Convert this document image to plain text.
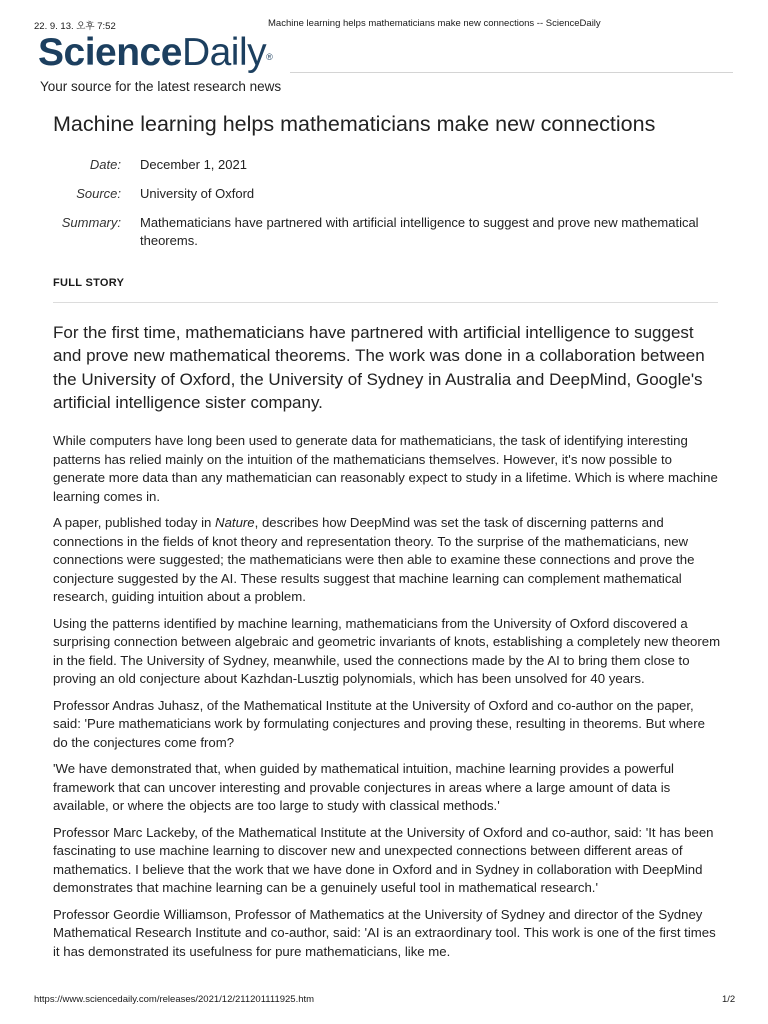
22. 9. 13. 오후 7:52	Machine learning helps mathematicians make new connections -- ScienceDaily
ScienceDaily®
Your source for the latest research news
Machine learning helps mathematicians make new connections
Date: December 1, 2021
Source: University of Oxford
Summary: Mathematicians have partnered with artificial intelligence to suggest and prove new mathematical theorems.
FULL STORY

For the first time, mathematicians have partnered with artificial intelligence to suggest and prove new mathematical theorems. The work was done in a collaboration between the University of Oxford, the University of Sydney in Australia and DeepMind, Google's artificial intelligence sister company.

While computers have long been used to generate data for mathematicians, the task of identifying interesting patterns has relied mainly on the intuition of the mathematicians themselves. However, it's now possible to generate more data than any mathematician can reasonably expect to study in a lifetime. Which is where machine learning comes in.

A paper, published today in Nature, describes how DeepMind was set the task of discerning patterns and connections in the fields of knot theory and representation theory. To the surprise of the mathematicians, new connections were suggested; the mathematicians were then able to examine these connections and prove the conjecture suggested by the AI. These results suggest that machine learning can complement mathematical research, guiding intuition about a problem.

Using the patterns identified by machine learning, mathematicians from the University of Oxford discovered a surprising connection between algebraic and geometric invariants of knots, establishing a completely new theorem in the field. The University of Sydney, meanwhile, used the connections made by the AI to bring them close to proving an old conjecture about Kazhdan-Lusztig polynomials, which has been unsolved for 40 years.

Professor Andras Juhasz, of the Mathematical Institute at the University of Oxford and co-author on the paper, said: 'Pure mathematicians work by formulating conjectures and proving these, resulting in theorems. But where do the conjectures come from?

'We have demonstrated that, when guided by mathematical intuition, machine learning provides a powerful framework that can uncover interesting and provable conjectures in areas where a large amount of data is available, or where the objects are too large to study with classical methods.'

Professor Marc Lackeby, of the Mathematical Institute at the University of Oxford and co-author, said: 'It has been fascinating to use machine learning to discover new and unexpected connections between different areas of mathematics. I believe that the work that we have done in Oxford and in Sydney in collaboration with DeepMind demonstrates that machine learning can be a genuinely useful tool in mathematical research.'

Professor Geordie Williamson, Professor of Mathematics at the University of Sydney and director of the Sydney Mathematical Research Institute and co-author, said: 'AI is an extraordinary tool. This work is one of the first times it has demonstrated its usefulness for pure mathematicians, like me.

https://www.sciencedaily.com/releases/2021/12/211201111925.htm	1/2
